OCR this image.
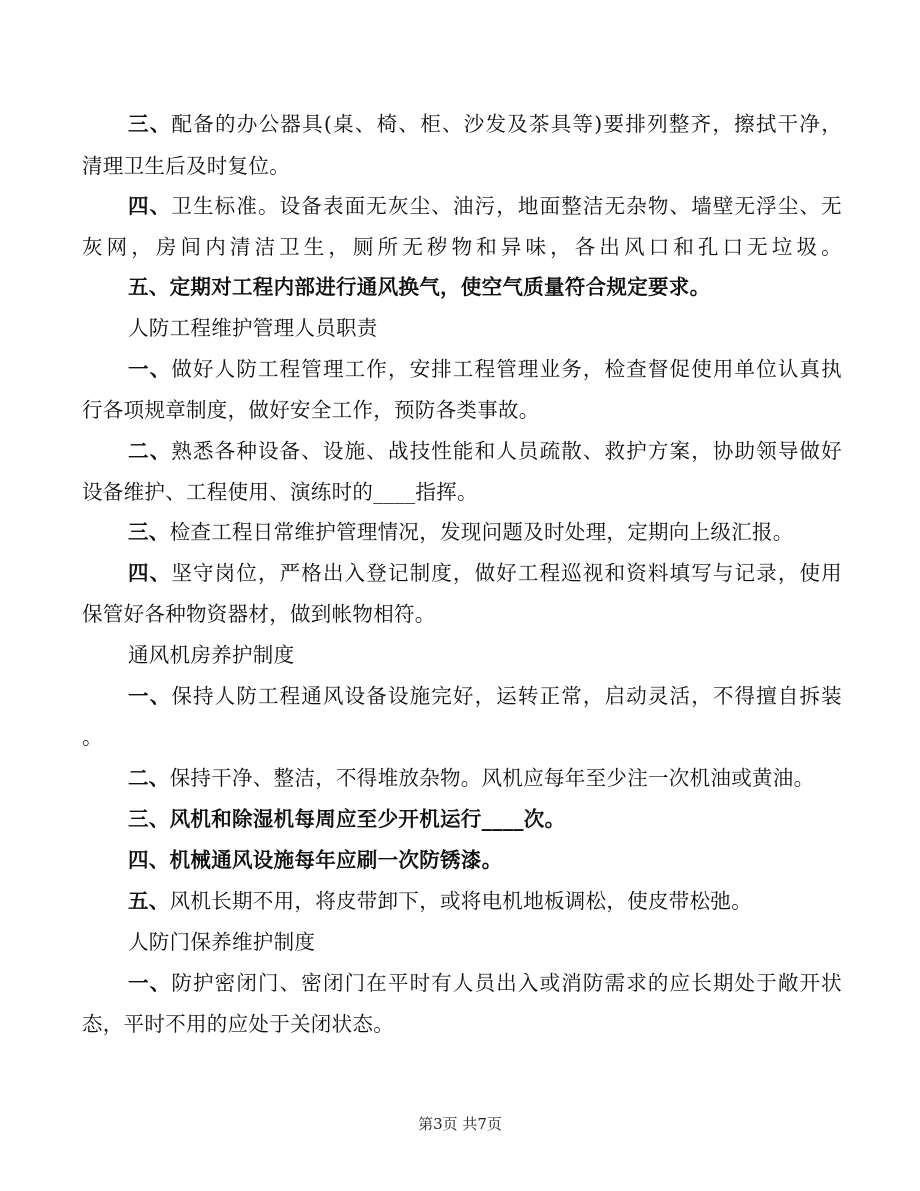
三、配备的办公器具(桌、椅、柜、沙发及茶具等)要排列整齐，擦拭干净，
清理卫生后及时复位。
四、卫生标准。设备表面无灰尘、油污，地面整洁无杂物、墙壁无浮尘、无
灰网，房间内清洁卫生，厕所无秽物和异味，各出风口和孔口无垃圾。
五、定期对工程内部进行通风换气，使空气质量符合规定要求。
人防工程维护管理人员职责
一、做好人防工程管理工作，安排工程管理业务，检查督促使用单位认真执
行各项规章制度，做好安全工作，预防各类事故。
二、熟悉各种设备、设施、战技性能和人员疏散、救护方案，协助领导做好
设备维护、工程使用、演练时的____指挥。
三、检查工程日常维护管理情况，发现问题及时处理，定期向上级汇报。
四、坚守岗位，严格出入登记制度，做好工程巡视和资料填写与记录，使用
保管好各种物资器材，做到帐物相符。
通风机房养护制度
一、保持人防工程通风设备设施完好，运转正常，启动灵活，不得擅自拆装
。
二、保持干净、整洁，不得堆放杂物。风机应每年至少注一次机油或黄油。
三、风机和除湿机每周应至少开机运行____次。
四、机械通风设施每年应刷一次防锈漆。
五、风机长期不用，将皮带卸下，或将电机地板调松，使皮带松弛。
人防门保养维护制度
一、防护密闭门、密闭门在平时有人员出入或消防需求的应长期处于敞开状
态，平时不用的应处于关闭状态。
第3页 共7页
